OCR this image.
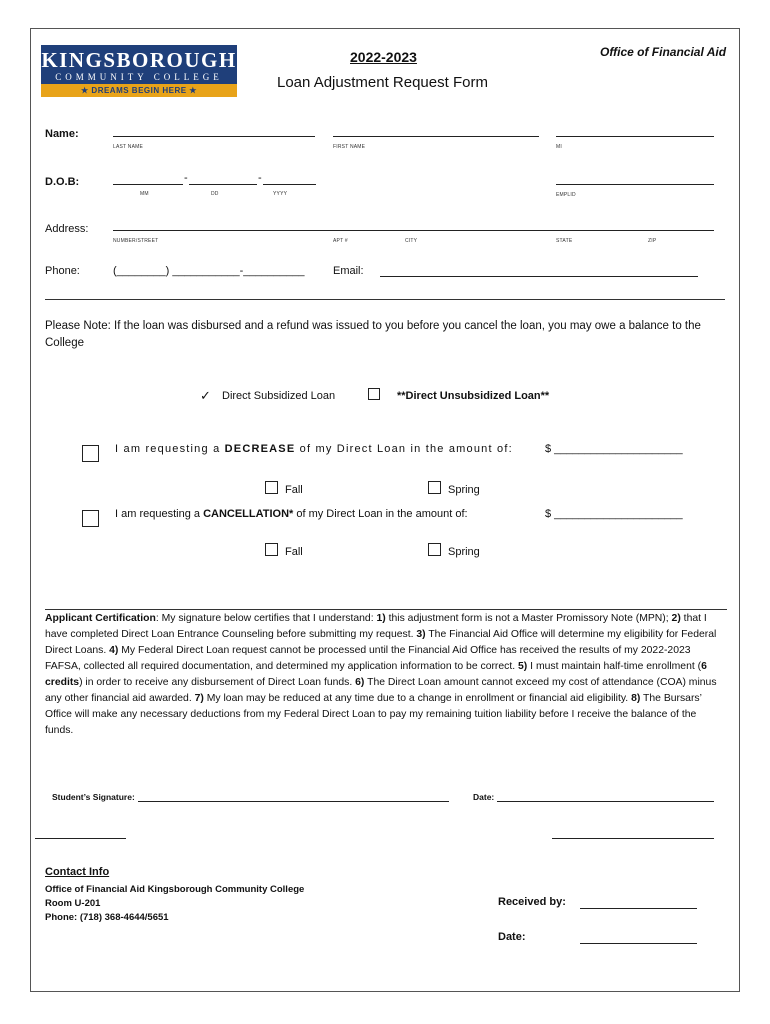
KINGSBOROUGH
COMMUNITY COLLEGE
★ DREAMS BEGIN HERE ★
2022-2023
Loan Adjustment Request Form
Office of Financial Aid
Name:
LAST NAME	FIRST NAME	MI
D.O.B:	-	-
MM	DD	YYYY	EMPLID
Address:
NUMBER/STREET	APT #	CITY	STATE	ZIP
Phone:	(________) ___________-__________	Email:
Please Note: If the loan was disbursed and a refund was issued to you before you cancel the loan, you may owe a balance to the College
✓ Direct Subsidized Loan	**Direct Unsubsidized Loan**
I am requesting a DECREASE of my Direct Loan in the amount of:	$ _____________________
Fall	Spring
I am requesting a CANCELLATION* of my Direct Loan in the amount of:	$ _____________________
Fall	Spring
Applicant Certification: My signature below certifies that I understand: 1) this adjustment form is not a Master Promissory Note (MPN); 2) that I have completed Direct Loan Entrance Counseling before submitting my request. 3) The Financial Aid Office will determine my eligibility for Federal Direct Loans. 4) My Federal Direct Loan request cannot be processed until the Financial Aid Office has received the results of my 2022-2023 FAFSA, collected all required documentation, and determined my application information to be correct. 5) I must maintain half-time enrollment (6 credits) in order to receive any disbursement of Direct Loan funds. 6) The Direct Loan amount cannot exceed my cost of attendance (COA) minus any other financial aid awarded. 7) My loan may be reduced at any time due to a change in enrollment or financial aid eligibility. 8) The Bursars’ Office will make any necessary deductions from my Federal Direct Loan to pay my remaining tuition liability before I receive the balance of the funds.
Student’s Signature:	Date:
Contact Info
Office of Financial Aid Kingsborough Community College
Room U-201
Phone: (718) 368-4644/5651
Received by:
Date:
